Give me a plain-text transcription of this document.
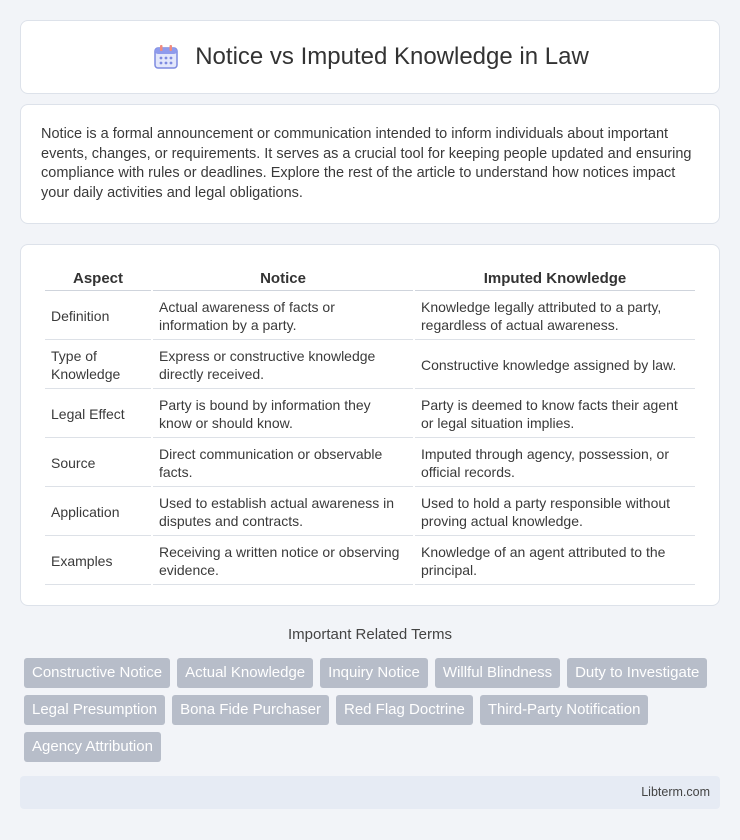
Notice vs Imputed Knowledge in Law

Notice is a formal announcement or communication intended to inform individuals about important events, changes, or requirements. It serves as a crucial tool for keeping people updated and ensuring compliance with rules or deadlines. Explore the rest of the article to understand how notices impact your daily activities and legal obligations.

Aspect	Notice	Imputed Knowledge
Definition	Actual awareness of facts or information by a party.	Knowledge legally attributed to a party, regardless of actual awareness.
Type of Knowledge	Express or constructive knowledge directly received.	Constructive knowledge assigned by law.
Legal Effect	Party is bound by information they know or should know.	Party is deemed to know facts their agent or legal situation implies.
Source	Direct communication or observable facts.	Imputed through agency, possession, or official records.
Application	Used to establish actual awareness in disputes and contracts.	Used to hold a party responsible without proving actual knowledge.
Examples	Receiving a written notice or observing evidence.	Knowledge of an agent attributed to the principal.
Important Related Terms
Constructive Notice	Actual Knowledge	Inquiry Notice	Willful Blindness	Duty to Investigate
Legal Presumption	Bona Fide Purchaser	Red Flag Doctrine	Third-Party Notification
Agency Attribution
Libterm.com
